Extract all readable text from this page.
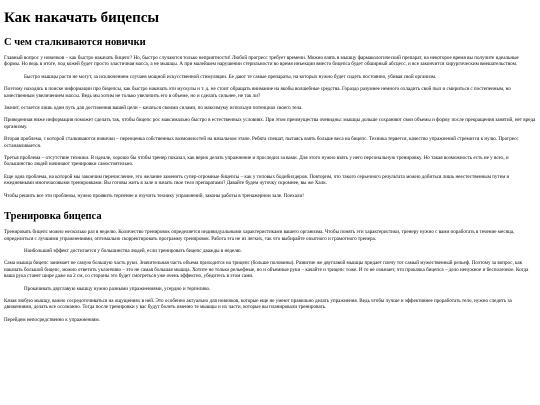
Как накачать бицепсы
С чем сталкиваются новички

Главный вопрос у новичков – как быстро накачать бицепс? Но, быстро случаются только неприятности! Любой прогресс требует времени. Можно взять в мышцу фармакологический препарат, на некоторое время вы получите идеальные формы. Но ведь в итоге, под кожей будет просто эластичная масса, а не мышцы. А при малейшем нарушении стерильности во время инъекции вместо бицепса будет обширный абсцесс, и все закончится хирургическим вмешательством.

Быстро мышцы расти не могут, за исключением случаев мощной искусственной стимуляции. Ее дают те самые препараты, на которых нужно будет сидеть постоянно, убивая свой организм.

Поэтому находясь в поиске информации про бицепсы, как быстро накачать эти мускулы и т. д. не стоит обращать внимание на якобы волшебные средства. Гораздо разумнее немного охладить свой пыл и смириться с постепенным, но качественным увеличением массы. Ведь мы хотим не только увеличить его в объеме, но и сделать сильнее, не так ли?

Значит, остается лишь один путь для достижения вашей цели – качаться своими силами, по максимуму используя потенциал своего тела.

Приведенная ниже информация поможет сделать так, чтобы бицепс рос максимально быстро в естественных условиях. При этом преимущества очевидны: мышцы дольше сохраняют свои объемы и форму после прекращения занятий, нет вреда организму.

Вторая проблема, с которой сталкиваются новички – переоценка собственных возможностей на начальном этапе. Ребята спешат, пытаясь взять больше веса на бицепс. Техника теряется, качество упражнений стремится к нулю. Прогресс останавливается.

Третья проблема – отсутствие техники. В идеале, хорошо бы чтобы тренер показал, как верно делать упражнение и проследил за вами. Для этого нужно взять у него персональную тренировку. Но такая возможность есть не у всех, и большинство людей начинают тренировки самостоятельно.

Еще одна проблема, на которой мы закончим перечисление, это желание заменить супер-огромные бицепсы – как у топовых бодибилдеров. Повторим, что такого серьезного результата можно добиться лишь неестественным путем и ежедневными многочасовыми тренировками. Вы готовы жить в зале и начать свое тело препаратами? Давайте будем чуточку скромнее, вы же Халк.

Чтобы решить все эти проблемы, нужно проявить терпение и изучить технику упражнений, законы работы в тренажерном зале. Поехали!

Тренировка бицепса

Тренировать бицепс можно несколько раз в неделю. Количество тренировок определяется индивидуальными характеристиками вашего организма. Чтобы понять эти характеристики, тренеру нужно с вами поработать в течение месяца, определиться с лучшими упражнениями, оптимально скорректировать программу тренировок. Работа эта не из легких, так что выбирайте опытного и грамотного тренера.

Наибольший эффект достигается у большинства людей, если тренировать бицепс дважды в неделю.

Сама мышца бицепс занимает не самую большую часть руки. Значительная часть объема приходится на трицепс (больше половины). Развитие же двуглавой мышцы придает плечу тот самый мужественный рельеф. Поэтому за вопрос, как накачать большой бицепс, можно ответить уклончиво – это не самая большая мышца. Хотите не только рельефные, но и объемные руки – качайте и трицепс тоже. И то не означает, что прокачка бицепса – дело ненужное и бесполезное. Когда ваша рука станет шире даже на 2 см, со стороны это будет смотреться уже очень эффектно, убедитесь в этом сами.

Прокачивать двуглавую мышцу нужно разными упражнениями, усердно и терпеливо.

Качая любую мышцу, важно сосредоточиваться на ощущениях в ней. Это особенно актуально для новичков, которые еще не умеют правильно делать упражнения. Ведь чтобы лучше и эффективнее проработать тело, нужно следить за движениями, делать все осознанно. Тогда после тренировки у вас будут болеть именно те мышцы и их части, которые вы планировали тренировать.

Перейдем непосредственно к упражнениям.
